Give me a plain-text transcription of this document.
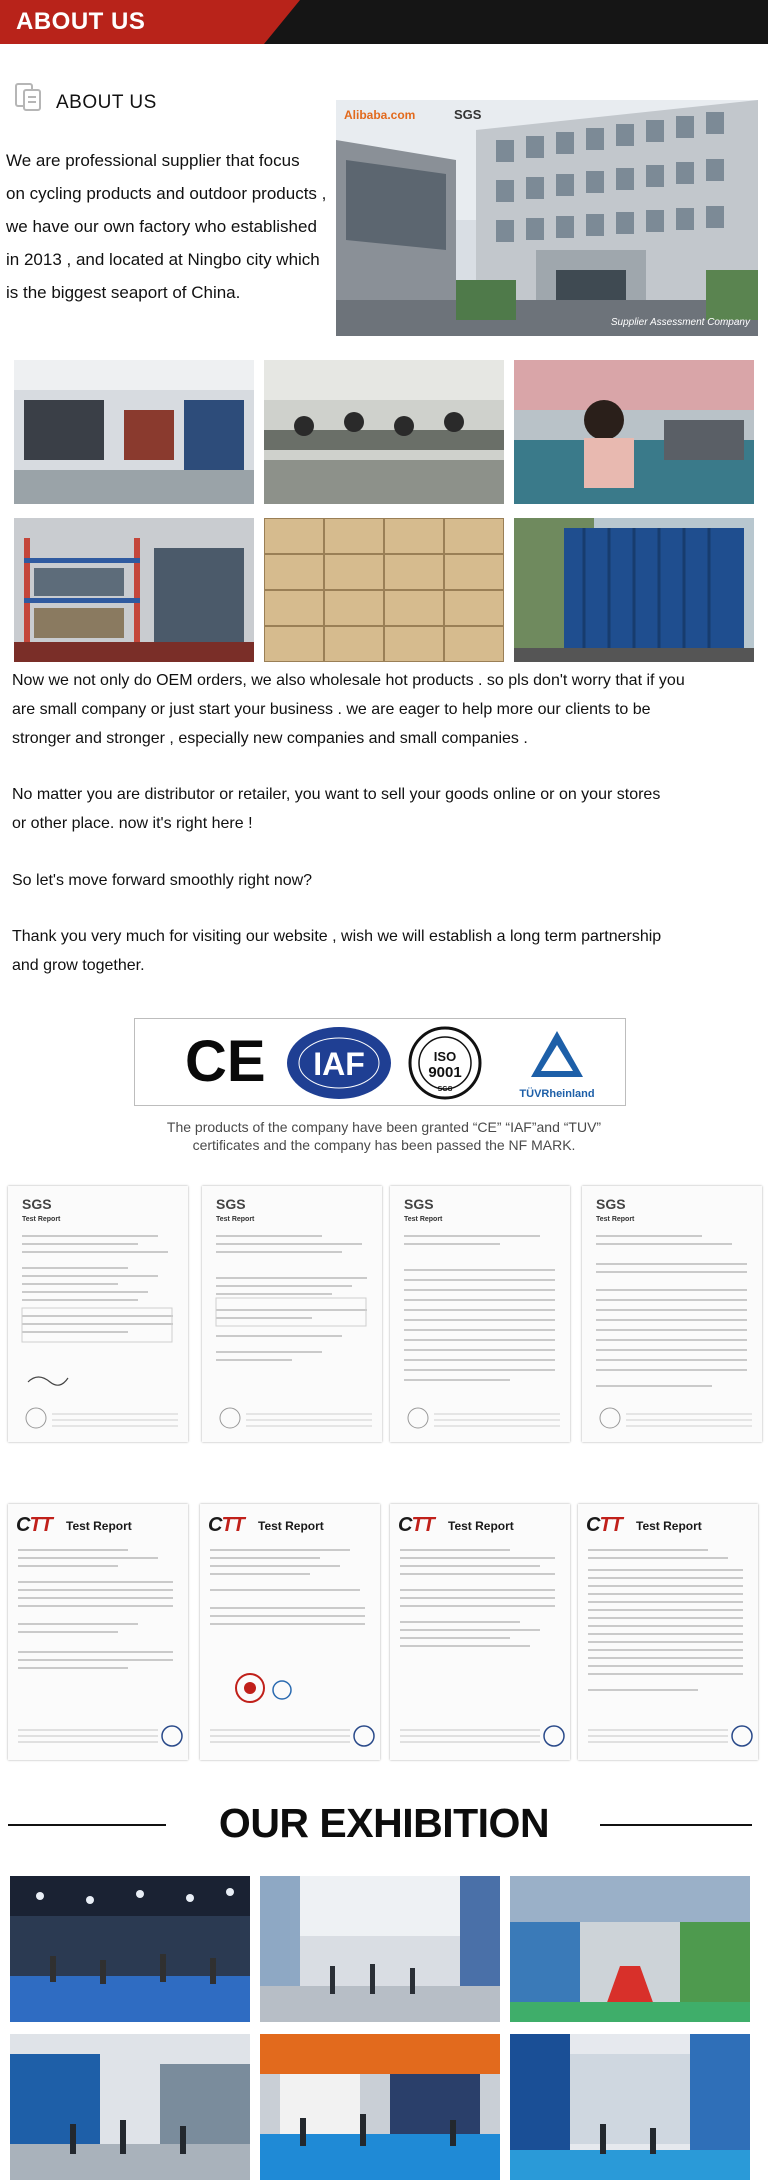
ABOUT US
ABOUT US
We are professional supplier that focus
on cycling products and outdoor products ,
we have our own factory who established
in 2013 , and located at Ningbo city which
is the biggest seaport of China.
Alibaba.com	SGS
Supplier Assessment Company
Now we not only do OEM orders, we also wholesale hot products . so pls don't worry that if you
are small company or just start your business . we are eager to help more our clients to be
stronger and stronger , especially new companies and small companies .
No matter you are distributor or retailer, you want to sell your goods online or on your stores
or other place. now it's right here !
So let's move forward smoothly right now?
Thank you very much for visiting our website , wish we will establish a long term partnership
and grow together.
CE IAF	ISO
9001
SGS	TÜVRheinland
The products of the company have been granted “CE” “IAF”and “TUV”
certificates and the company has been passed the NF MARK.
SGS
Test Report
SGS
Test Report
SGS
Test Report
SGS
Test Report
CTT Test Report	CTT Test Report	CTT Test Report	CTT Test Report
OUR EXHIBITION
